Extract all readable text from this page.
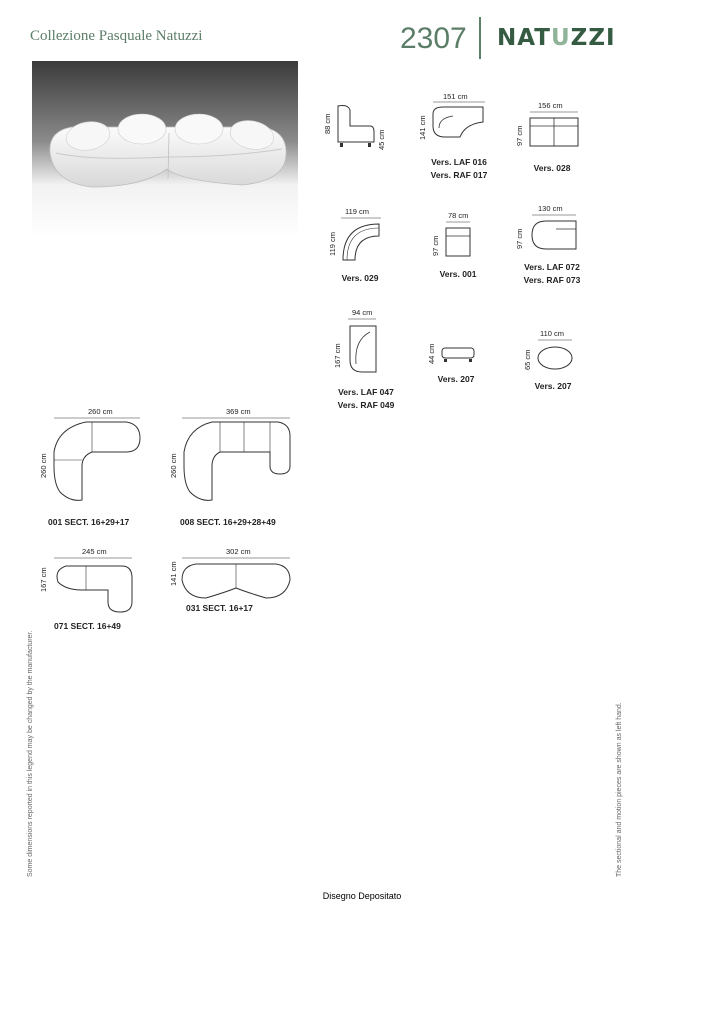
Collezione Pasquale Natuzzi	2307 NATUZZI
88 cm
45 cm
151 cm
141 cm
Vers. LAF 016
Vers. RAF 017
156 cm
97 cm
Vers. 028
119 cm
119 cm
Vers. 029
78 cm
97 cm
Vers. 001
130 cm
97 cm
Vers. LAF 072
Vers. RAF 073
94 cm
167 cm
Vers. LAF 047
Vers. RAF 049
44 cm
Vers. 207
110 cm
65 cm
Vers. 207
260 cm
260 cm
001 SECT. 16+29+17
369 cm
260 cm
008 SECT. 16+29+28+49
245 cm
167 cm
071 SECT. 16+49
302 cm
141 cm
031 SECT. 16+17
Some dimensions reported in this legend may be changed by the manufacturer.	The sectional and motion pieces are shown as left hand.
Disegno Depositato
